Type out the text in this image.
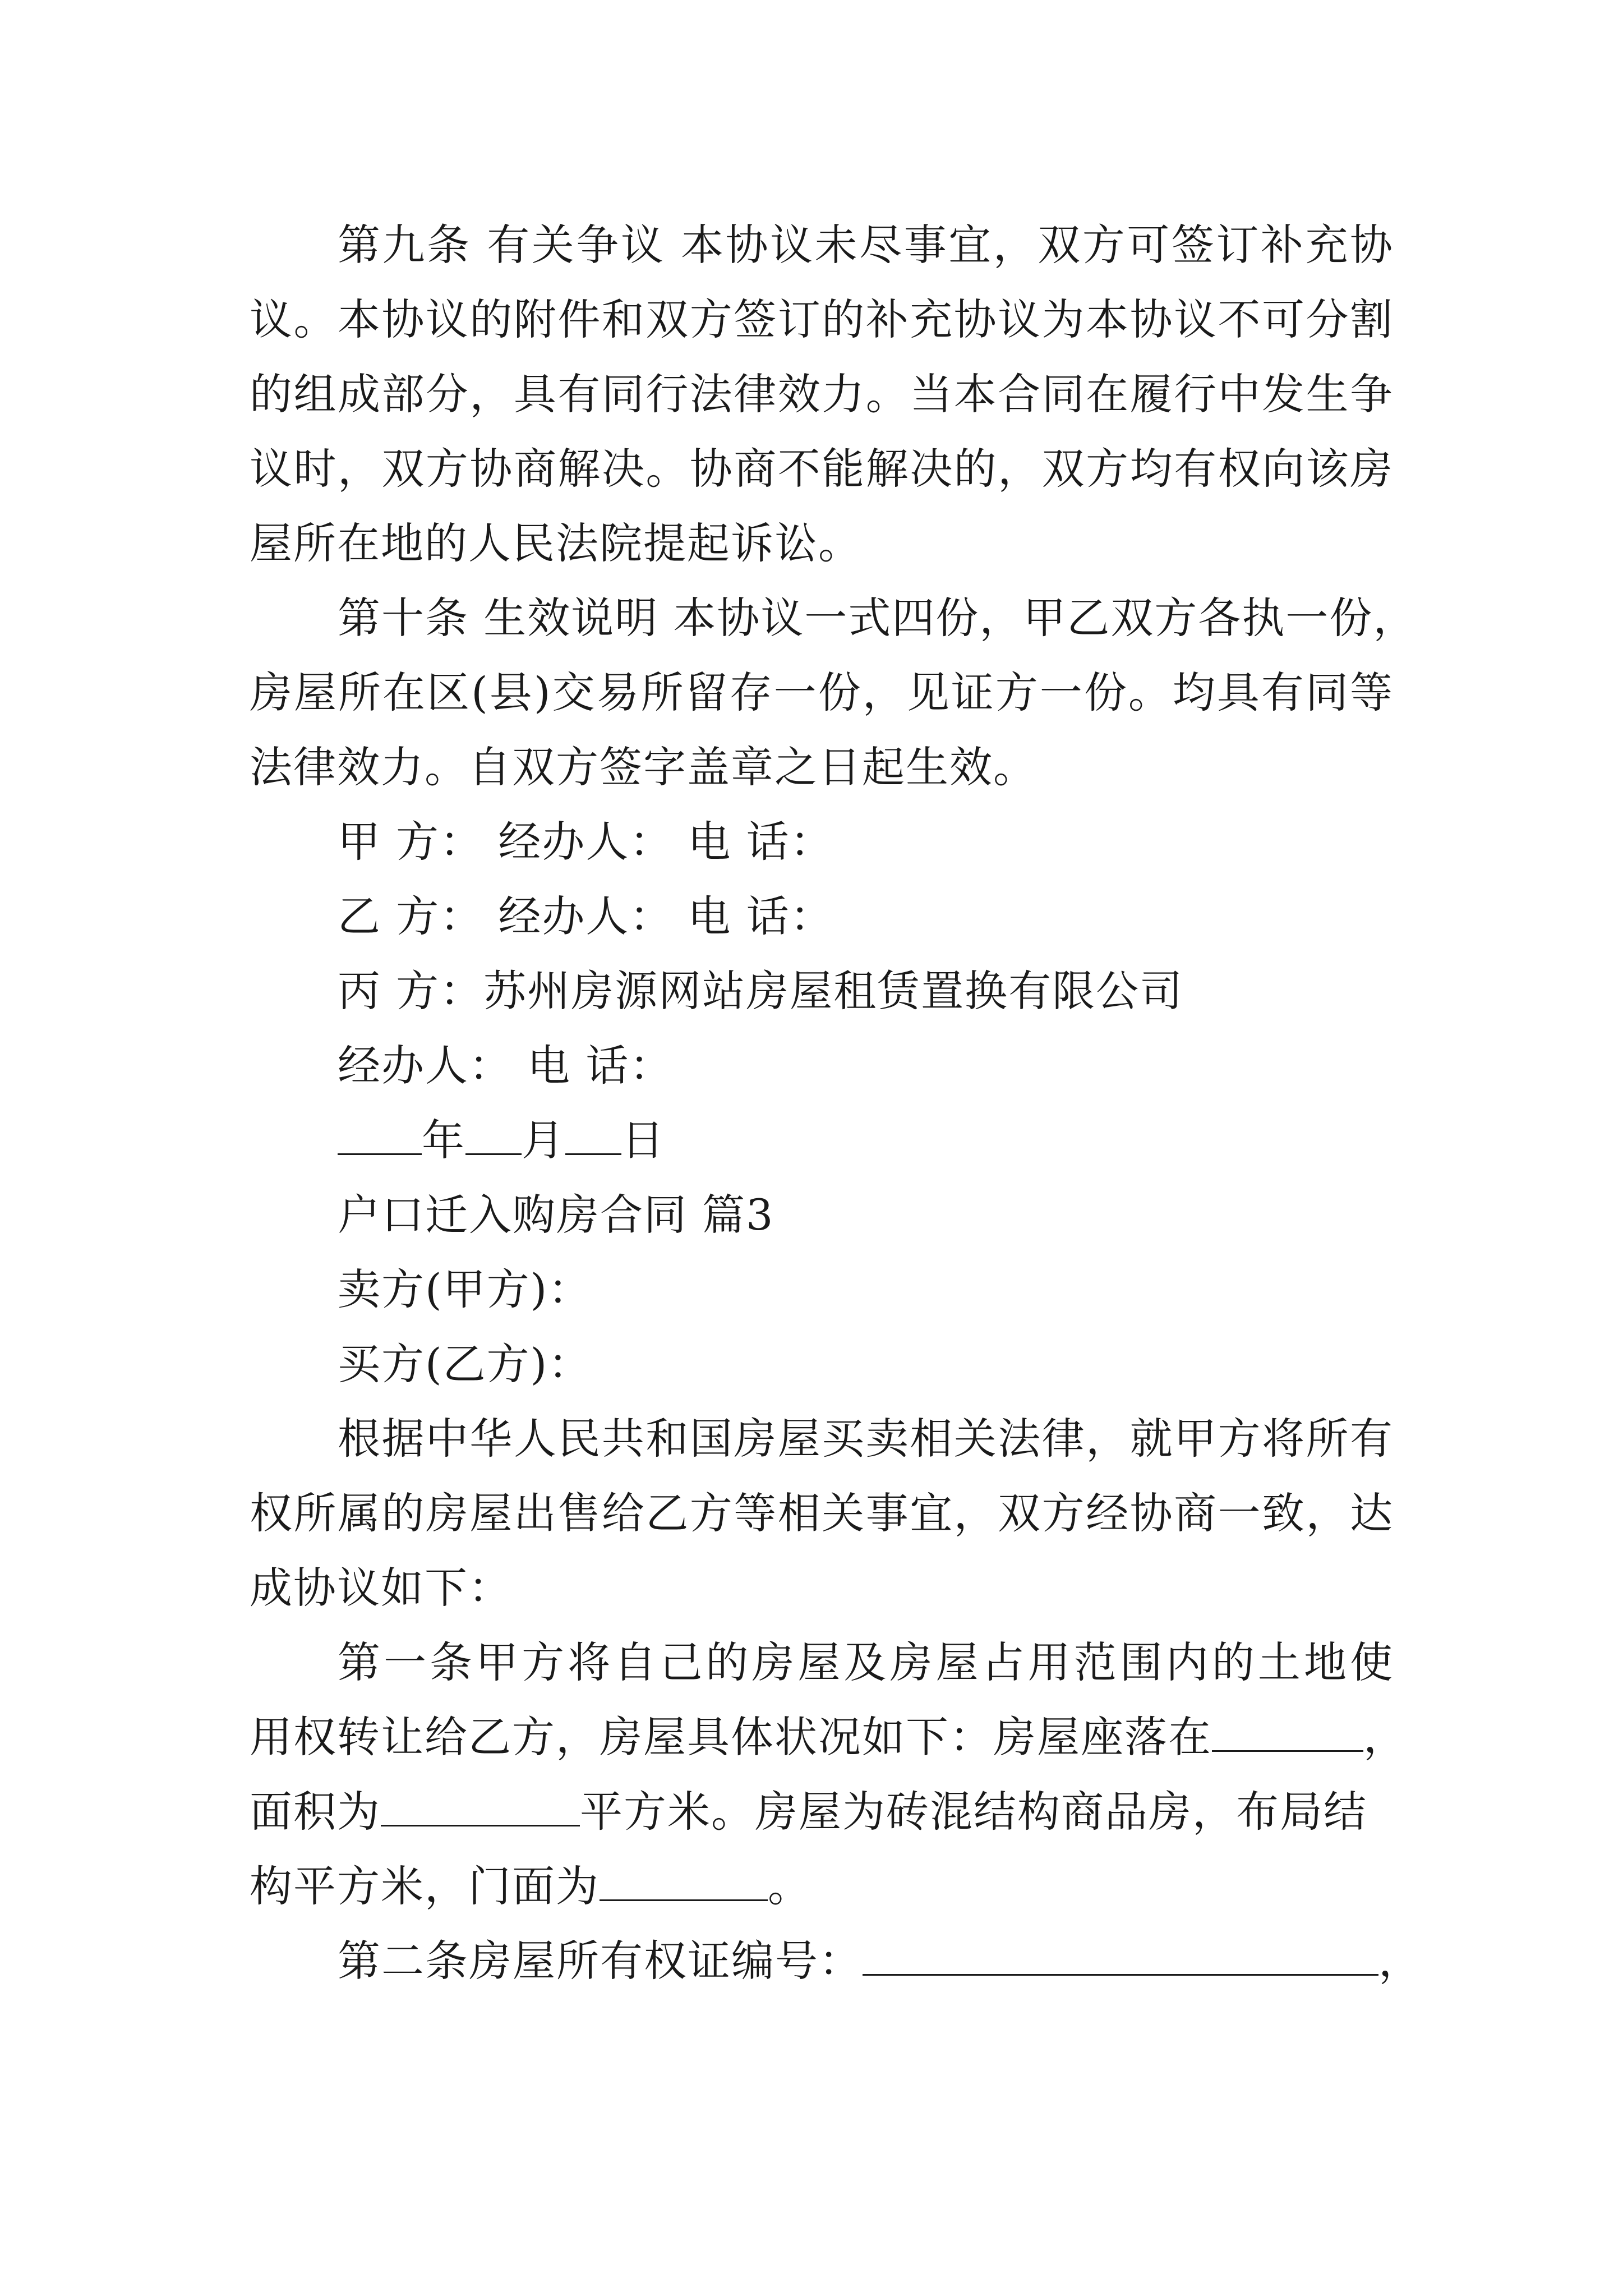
第九条 有关争议 本协议未尽事宜，双方可签订补充协
议。本协议的附件和双方签订的补充协议为本协议不可分割
的组成部分，具有同行法律效力。当本合同在履行中发生争
议时，双方协商解决。协商不能解决的，双方均有权向该房
屋所在地的人民法院提起诉讼。
第十条 生效说明 本协议一式四份，甲乙双方各执一份，
房屋所在区(县)交易所留存一份，见证方一份。均具有同等
法律效力。自双方签字盖章之日起生效。
甲 方： 经办人： 电 话：
乙 方： 经办人： 电 话：
丙 方：苏州房源网站房屋租赁置换有限公司
经办人： 电 话：
年 月 日
户口迁入购房合同 篇3
卖方(甲方)：
买方(乙方)：
根据中华人民共和国房屋买卖相关法律，就甲方将所有
权所属的房屋出售给乙方等相关事宜，双方经协商一致，达
成协议如下：
第一条甲方将自己的房屋及房屋占用范围内的土地使
用权转让给乙方，房屋具体状况如下：房屋座落在	，
面积为	平方米。房屋为砖混结构商品房，布局结
构平方米，门面为	。
第二条房屋所有权证编号：	，
